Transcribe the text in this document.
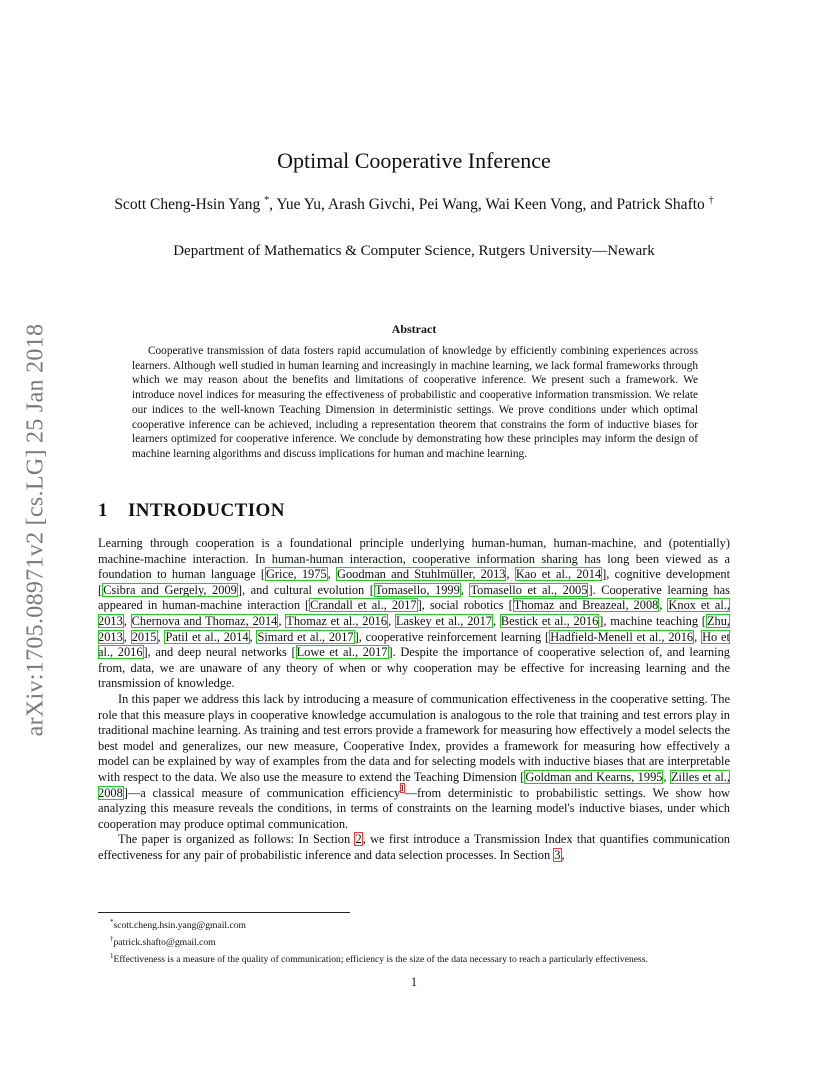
arXiv:1705.08971v2 [cs.LG] 25 Jan 2018
Optimal Cooperative Inference
Scott Cheng-Hsin Yang *, Yue Yu, Arash Givchi, Pei Wang, Wai Keen Vong, and Patrick Shafto †
Department of Mathematics & Computer Science, Rutgers University—Newark
Abstract

Cooperative transmission of data fosters rapid accumulation of knowledge by efficiently combining experiences across learners. Although well studied in human learning and increasingly in machine learning, we lack formal frameworks through which we may reason about the benefits and limitations of cooperative inference. We present such a framework. We introduce novel indices for measuring the effectiveness of probabilistic and cooperative information transmission. We relate our indices to the well-known Teaching Dimension in deterministic settings. We prove conditions under which optimal cooperative inference can be achieved, including a representation theorem that constrains the form of inductive biases for learners optimized for cooperative inference. We conclude by demonstrating how these principles may inform the design of machine learning algorithms and discuss implications for human and machine learning.

1 INTRODUCTION

Learning through cooperation is a foundational principle underlying human-human, human-machine, and (potentially) machine-machine interaction. In human-human interaction, cooperative information sharing has long been viewed as a foundation to human language [Grice, 1975, Goodman and Stuhlmüller, 2013, Kao et al., 2014], cognitive development [Csibra and Gergely, 2009], and cultural evolution [Tomasello, 1999, Tomasello et al., 2005]. Cooperative learning has appeared in human-machine interaction [Crandall et al., 2017], social robotics [Thomaz and Breazeal, 2008, Knox et al., 2013, Chernova and Thomaz, 2014, Thomaz et al., 2016, Laskey et al., 2017, Bestick et al., 2016], machine teaching [Zhu, 2013, 2015, Patil et al., 2014, Simard et al., 2017], cooperative reinforcement learning [Hadfield-Menell et al., 2016, Ho et al., 2016], and deep neural networks [Lowe et al., 2017]. Despite the importance of cooperative selection of, and learning from, data, we are unaware of any theory of when or why cooperation may be effective for increasing learning and the transmission of knowledge.

In this paper we address this lack by introducing a measure of communication effectiveness in the cooperative setting. The role that this measure plays in cooperative knowledge accumulation is analogous to the role that training and test errors play in traditional machine learning. As training and test errors provide a framework for measuring how effectively a model selects the best model and generalizes, our new measure, Cooperative Index, provides a framework for measuring how effectively a model can be explained by way of examples from the data and for selecting models with inductive biases that are interpretable with respect to the data. We also use the measure to extend the Teaching Dimension [Goldman and Kearns, 1995, Zilles et al., 2008]—a classical measure of communication efficiency$^1$—from deterministic to probabilistic settings. We show how analyzing this measure reveals the conditions, in terms of constraints on the learning model's inductive biases, under which cooperation may produce optimal communication.

The paper is organized as follows: In Section 2, we first introduce a Transmission Index that quantifies communication effectiveness for any pair of probabilistic inference and data selection processes. In Section 3,

*scott.cheng.hsin.yang@gmail.com
†patrick.shafto@gmail.com
$^1$Effectiveness is a measure of the quality of communication; efficiency is the size of the data necessary to reach a particularly effectiveness.
1
